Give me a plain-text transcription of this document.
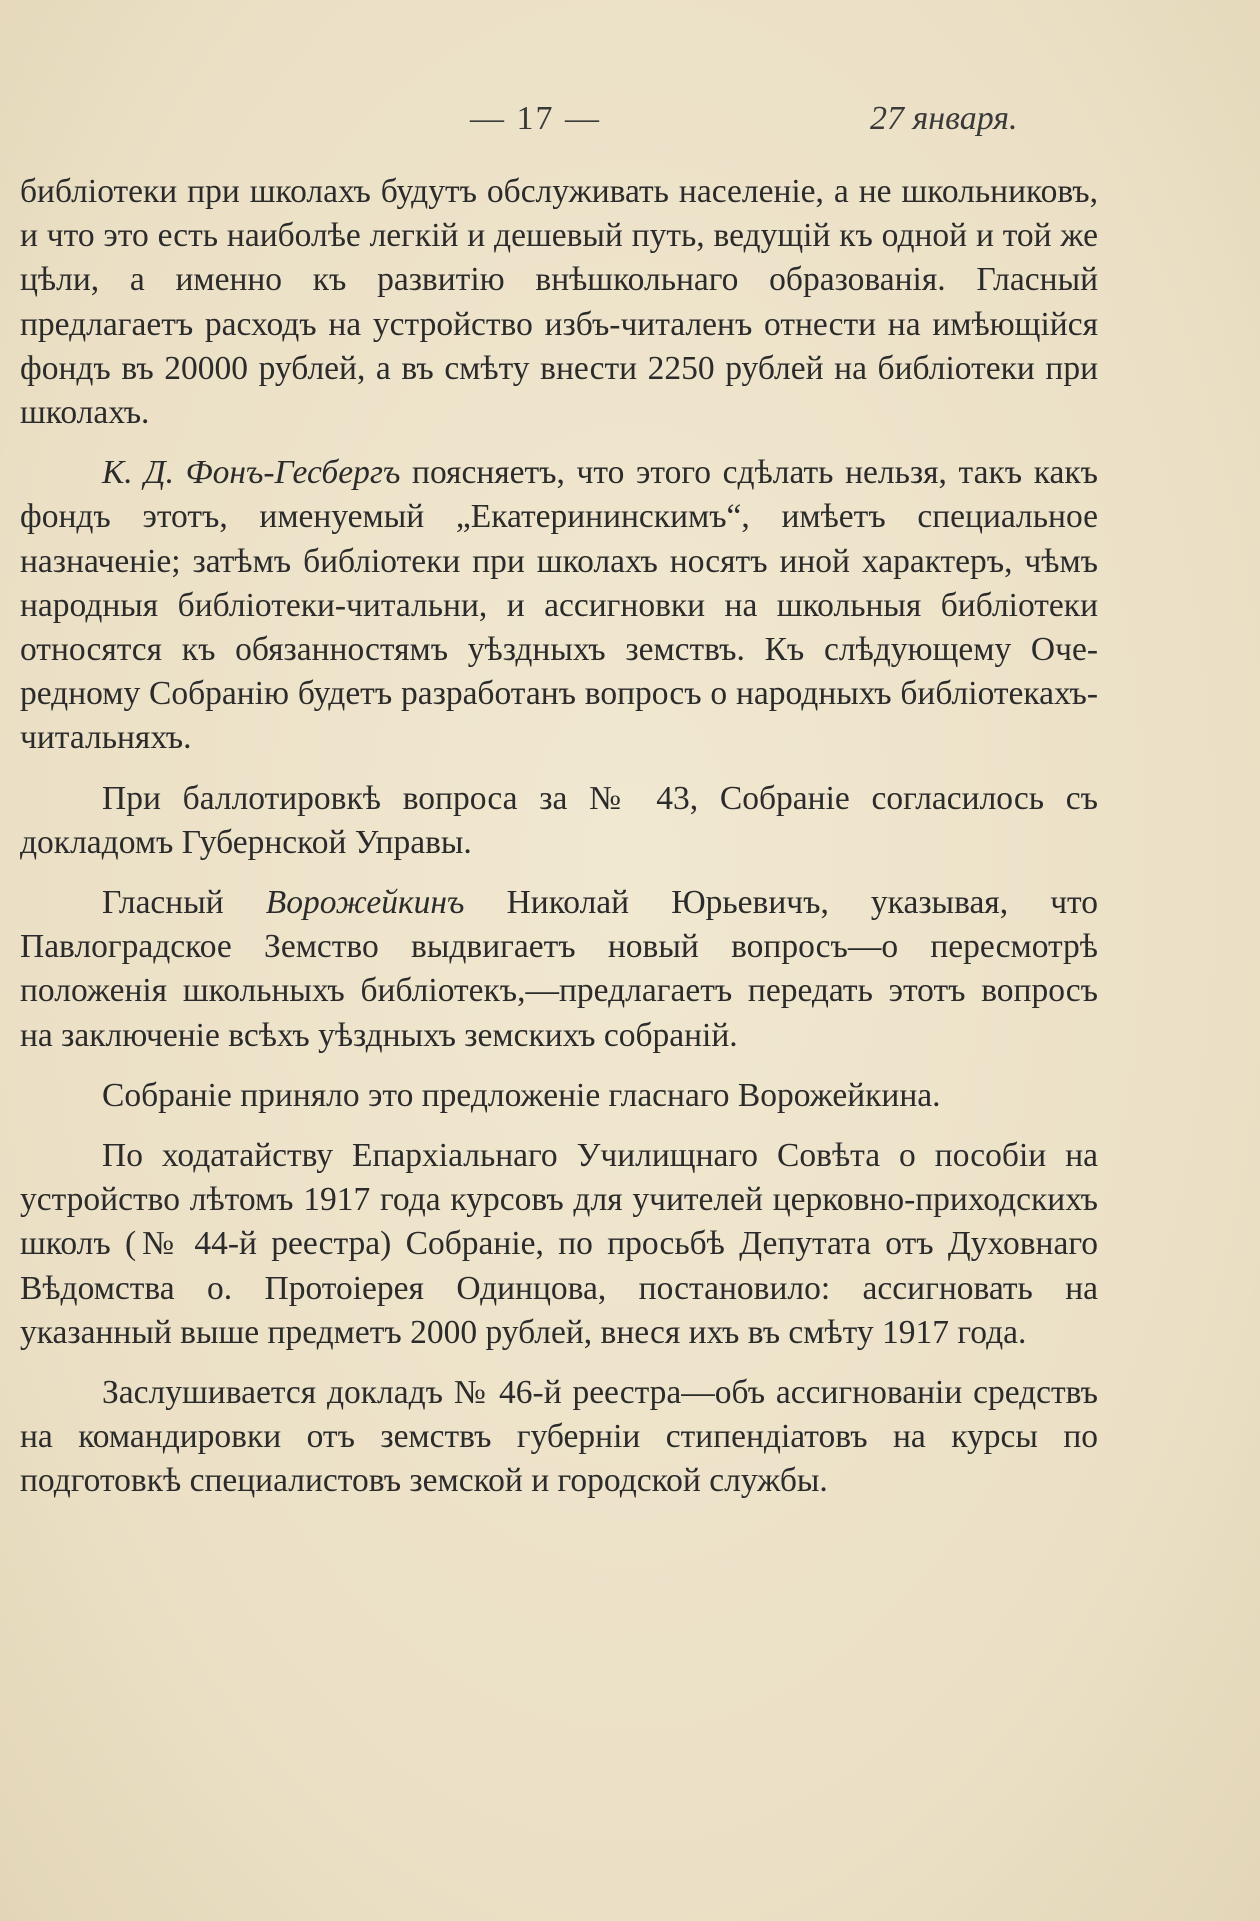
— 17 —	27 января.

библіотеки при школахъ будутъ обслуживать населеніе, а не школьниковъ, и что это есть наиболѣе легкій и дешевый путь, ведущій къ одной и той же цѣли, а именно къ развитію внѣшкольнаго образованія. Гласный предлагаетъ расходъ на устройство избъ-читаленъ отнести на имѣющійся фондъ въ 20000 рублей, а въ смѣту внести 2250 рублей на библіотеки при школахъ.

К. Д. Фонъ-Гесбергъ поясняетъ, что этого сдѣлать нельзя, такъ какъ фондъ этотъ, именуемый „Екатерининскимъ“, имѣетъ специальное назначеніе; затѣмъ библіотеки при школахъ носятъ иной характеръ, чѣмъ народныя библіотеки-читальни, и ассигновки на школьныя библіотеки относятся къ обязанностямъ уѣздныхъ земствъ. Къ слѣдующему Очередному Собранію будетъ разработанъ вопросъ о народныхъ библіотекахъ-читальняхъ.

При баллотировкѣ вопроса за № 43, Собраніе согласилось съ докладомъ Губернской Управы.

Гласный Ворожейкинъ Николай Юрьевичъ, указывая, что Павлоградское Земство выдвигаетъ новый вопросъ—о пересмотрѣ положенія школьныхъ библіотекъ,—предлагаетъ передать этотъ вопросъ на заключеніе всѣхъ уѣздныхъ земскихъ собраній.

Собраніе приняло это предложеніе гласнаго Ворожейкина.

По ходатайству Епархіальнаго Училищнаго Совѣта о пособіи на устройство лѣтомъ 1917 года курсовъ для учителей церковно-приходскихъ школъ (№ 44-й реестра) Собраніе, по просьбѣ Депутата отъ Духовнаго Вѣдомства о. Протоіерея Одинцова, постановило: ассигновать на указанный выше предметъ 2000 рублей, внеся ихъ въ смѣту 1917 года.

Заслушивается докладъ № 46-й реестра—объ ассигнованіи средствъ на командировки отъ земствъ губерніи стипендіатовъ на курсы по подготовкѣ специалистовъ земской и городской службы.
